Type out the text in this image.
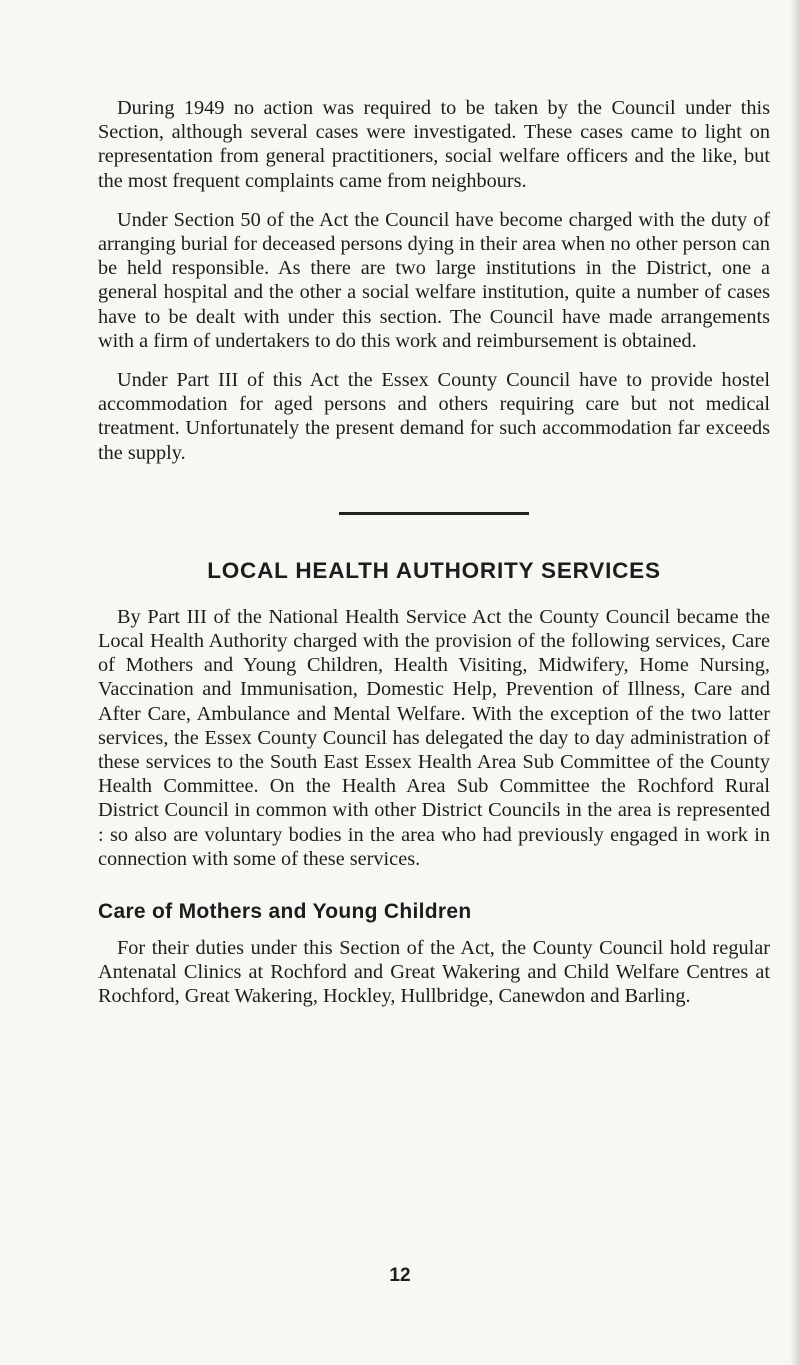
During 1949 no action was required to be taken by the Council under this Section, although several cases were investigated. These cases came to light on representation from general practitioners, social welfare officers and the like, but the most frequent complaints came from neighbours.

Under Section 50 of the Act the Council have become charged with the duty of arranging burial for deceased persons dying in their area when no other person can be held responsible. As there are two large institutions in the District, one a general hospital and the other a social welfare institution, quite a number of cases have to be dealt with under this section. The Council have made arrangements with a firm of undertakers to do this work and reimbursement is obtained.

Under Part III of this Act the Essex County Council have to provide hostel accommodation for aged persons and others requiring care but not medical treatment. Unfortunately the present demand for such accommodation far exceeds the supply.

LOCAL HEALTH AUTHORITY SERVICES

By Part III of the National Health Service Act the County Council became the Local Health Authority charged with the provision of the following services, Care of Mothers and Young Children, Health Visiting, Midwifery, Home Nursing, Vaccination and Immunisation, Domestic Help, Prevention of Illness, Care and After Care, Ambulance and Mental Welfare. With the exception of the two latter services, the Essex County Council has delegated the day to day administration of these services to the South East Essex Health Area Sub Committee of the County Health Committee. On the Health Area Sub Committee the Rochford Rural District Council in common with other District Councils in the area is represented : so also are voluntary bodies in the area who had previously engaged in work in connection with some of these services.

Care of Mothers and Young Children

For their duties under this Section of the Act, the County Council hold regular Antenatal Clinics at Rochford and Great Wakering and Child Welfare Centres at Rochford, Great Wakering, Hockley, Hullbridge, Canewdon and Barling.

12
